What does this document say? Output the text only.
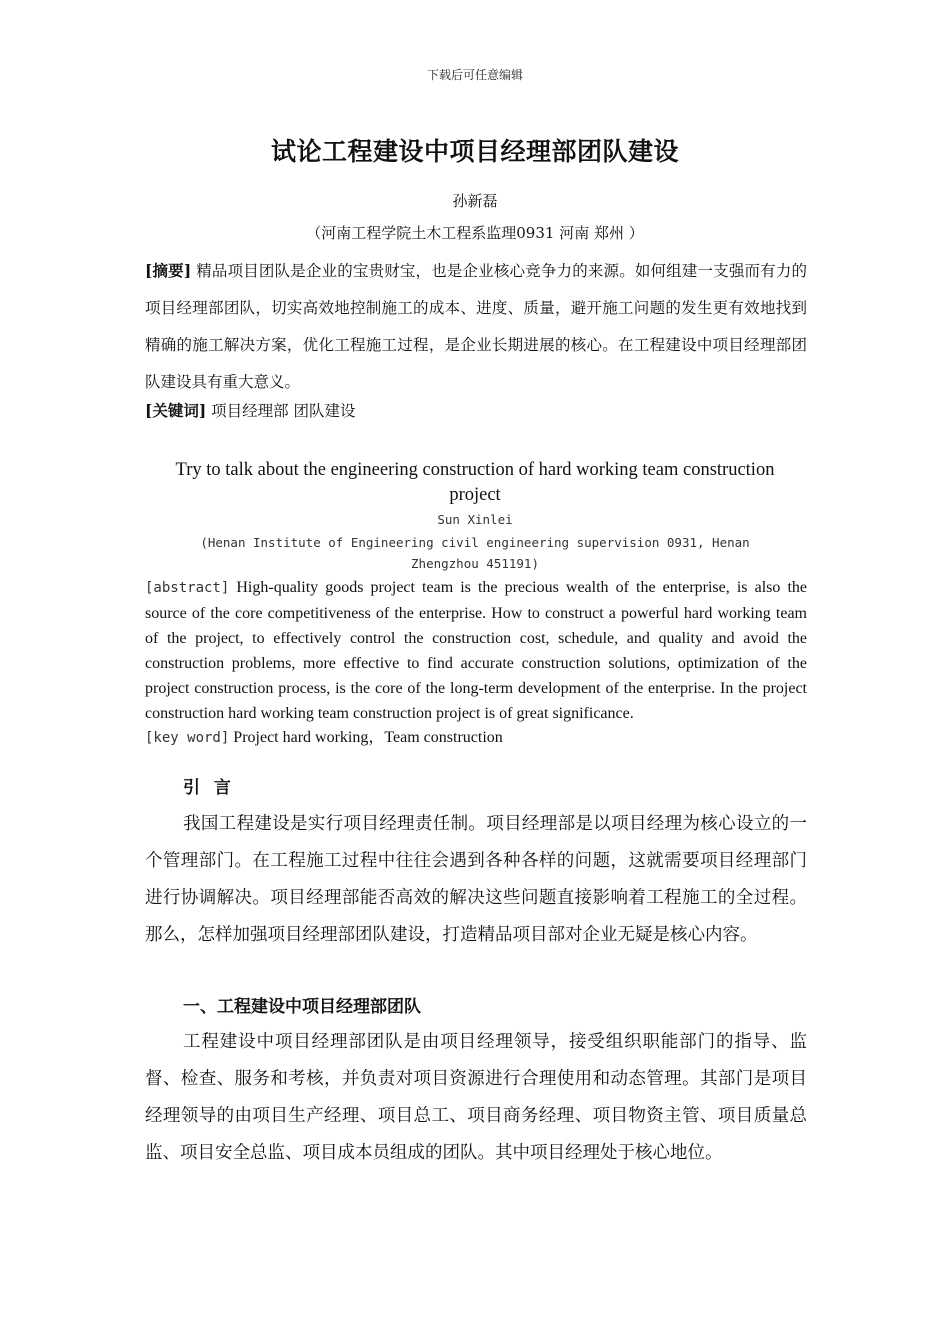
下载后可任意编辑
试论工程建设中项目经理部团队建设
孙新磊
（河南工程学院土木工程系监理0931 河南 郑州 ）
[摘要] 精品项目团队是企业的宝贵财宝，也是企业核心竞争力的来源。如何组建一支强而有力的项目经理部团队，切实高效地控制施工的成本、进度、质量，避开施工问题的发生更有效地找到精确的施工解决方案，优化工程施工过程，是企业长期进展的核心。在工程建设中项目经理部团队建设具有重大意义。
[关键词] 项目经理部 团队建设
Try to talk about the engineering construction of hard working team construction project
Sun Xinlei
(Henan Institute of Engineering civil engineering supervision 0931, Henan Zhengzhou 451191)
[abstract] High-quality goods project team is the precious wealth of the enterprise, is also the source of the core competitiveness of the enterprise. How to construct a powerful hard working team of the project, to effectively control the construction cost, schedule, and quality and avoid the construction problems, more effective to find accurate construction solutions, optimization of the project construction process, is the core of the long-term development of the enterprise. In the project construction hard working team construction project is of great significance.
[key word] Project hard working，Team construction
引 言
我国工程建设是实行项目经理责任制。项目经理部是以项目经理为核心设立的一个管理部门。在工程施工过程中往往会遇到各种各样的问题，这就需要项目经理部门进行协调解决。项目经理部能否高效的解决这些问题直接影响着工程施工的全过程。那么，怎样加强项目经理部团队建设，打造精品项目部对企业无疑是核心内容。
一、工程建设中项目经理部团队
工程建设中项目经理部团队是由项目经理领导，接受组织职能部门的指导、监督、检查、服务和考核，并负责对项目资源进行合理使用和动态管理。其部门是项目经理领导的由项目生产经理、项目总工、项目商务经理、项目物资主管、项目质量总监、项目安全总监、项目成本员组成的团队。其中项目经理处于核心地位。
